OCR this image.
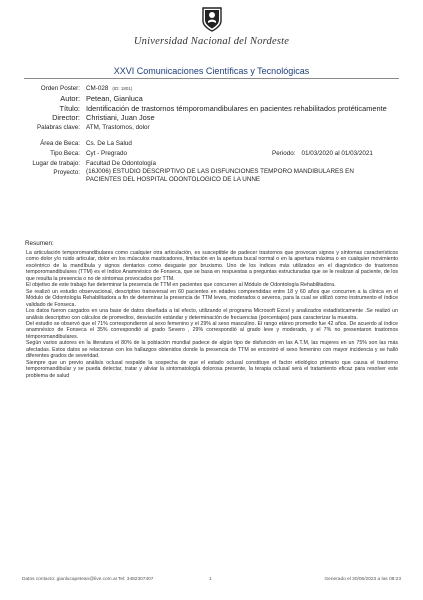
Universidad Nacional del Nordeste
XXVI Comunicaciones Científicas y Tecnológicas
Orden Poster: CM-028 (ID: 1801)
Autor: Petean, Gianluca
Título: Identificación de trastornos témporomandibulares en pacientes rehabilitados protéticamente
Director: Christiani, Juan Jose
Palabras clave: ATM, Trastornos, dolor
Área de Beca: Cs. De La Salud
Tipo Beca: Cyt - Pregrado	Periodo: 01/03/2020 al 01/03/2021
Lugar de trabajo: Facultad De Odontología
Proyecto: (16J006) ESTUDIO DESCRIPTIVO DE LAS DISFUNCIONES TEMPORO MANDIBULARES EN PACIENTES DEL HOSPITAL ODONTOLOGICO DE LA UNNE
Resumen:

La articulación temporomandibulares como cualquier otra articulación, es susceptible de padecer trastornos que provocan signos y síntomas característicos como dolor y/o ruido articular, dolor en los músculos masticadores, limitación en la apertura bucal normal o en la apertura máxima o en cualquier movimiento excéntrico de la mandíbula y signos dentarios como desgaste por bruxismo. Uno de los índices más utilizados en el diagnóstico de trastornos temporomandibulares (TTM) es el índice Anamnésico de Fonseca, que se basa en respuestas a preguntas estructuradas que se le realizan al paciente, de los que resulta la presencia o no de síntomas provocados por TTM.

El objetivo de este trabajo fue determinar la presencia de TTM en pacientes que concurren al Módulo de Odontología Rehabilitadora.

Se realizó un estudio observacional, descriptivo transversal en 60 pacientes en edades comprendidas entre 18 y 60 años que concurren a la clínica en el Módulo de Odontología Rehabilitadora a fin de determinar la presencia de TTM leves, moderados o severos, para la cual se utilizó como instrumento el índice validado de Fonseca.

Los datos fueron cargados en una base de datos diseñada a tal efecto, utilizando el programa Microsoft Excel y analizados estadísticamente .Se realizó un análisis descriptivo con cálculos de promedios, desviación estándar y determinación de frecuencias (porcentajes) para caracterizar la muestra.

Del estudio se observó que el 71% correspondieron al sexo femenino y el 29% al sexo masculino. El rango etáreo promedio fue 42 años. De acuerdo al índice anamnésico de Fonseca el 35% correspondió al grado Severo , 29% correspondió al grado leve y moderado, y el 7% no presentaron trastornos témporomandibulares.

Según varios autores en la literatura el 80% de la población mundial padece de algún tipo de disfunción en las A.T.M, las mujeres en un 75% son las más afectadas. Estos datos se relacionan con los hallazgos obtenidos donde la presencia de TTM se encontró el sexo femenino con mayor incidencia y se halló diferentes grados de severidad.

Siempre que un previo análisis oclusal respalde la sospecha de que el estado oclusal constituye el factor etiológico primario que causa el trastorno temporomandibular y se pueda detectar, tratar y aliviar la sintomatología dolorosa presente, la terapia oclusal será el tratamiento eficaz para resolver este problema de salud

Datos contacto: gianlucapetean@live.com.ar Tel: 3482307407	1	Generado el 30/06/2023 a las 08:23
